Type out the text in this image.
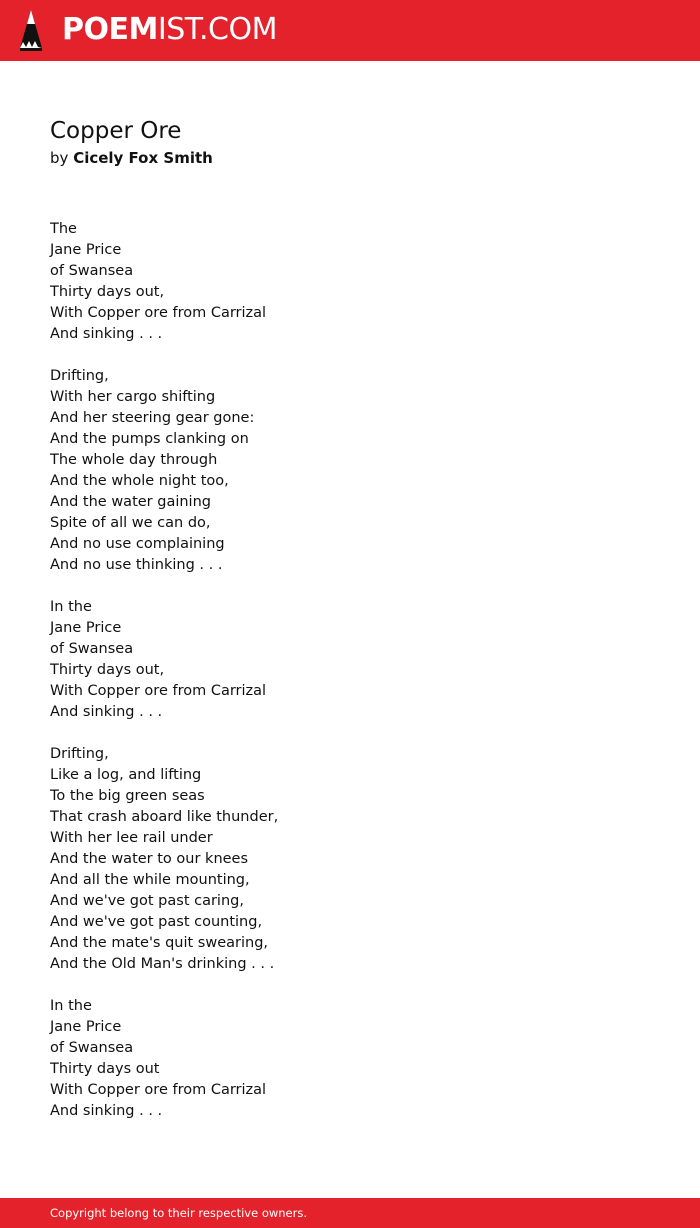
POEMIST.COM
Copper Ore
by Cicely Fox Smith
The
Jane Price
of Swansea
Thirty days out,
With Copper ore from Carrizal
And sinking . . .
Drifting,
With her cargo shifting
And her steering gear gone:
And the pumps clanking on
The whole day through
And the whole night too,
And the water gaining
Spite of all we can do,
And no use complaining
And no use thinking . . .
In the
Jane Price
of Swansea
Thirty days out,
With Copper ore from Carrizal
And sinking . . .
Drifting,
Like a log, and lifting
To the big green seas
That crash aboard like thunder,
With her lee rail under
And the water to our knees
And all the while mounting,
And we've got past caring,
And we've got past counting,
And the mate's quit swearing,
And the Old Man's drinking . . .
In the
Jane Price
of Swansea
Thirty days out
With Copper ore from Carrizal
And sinking . . .
Copyright belong to their respective owners.
